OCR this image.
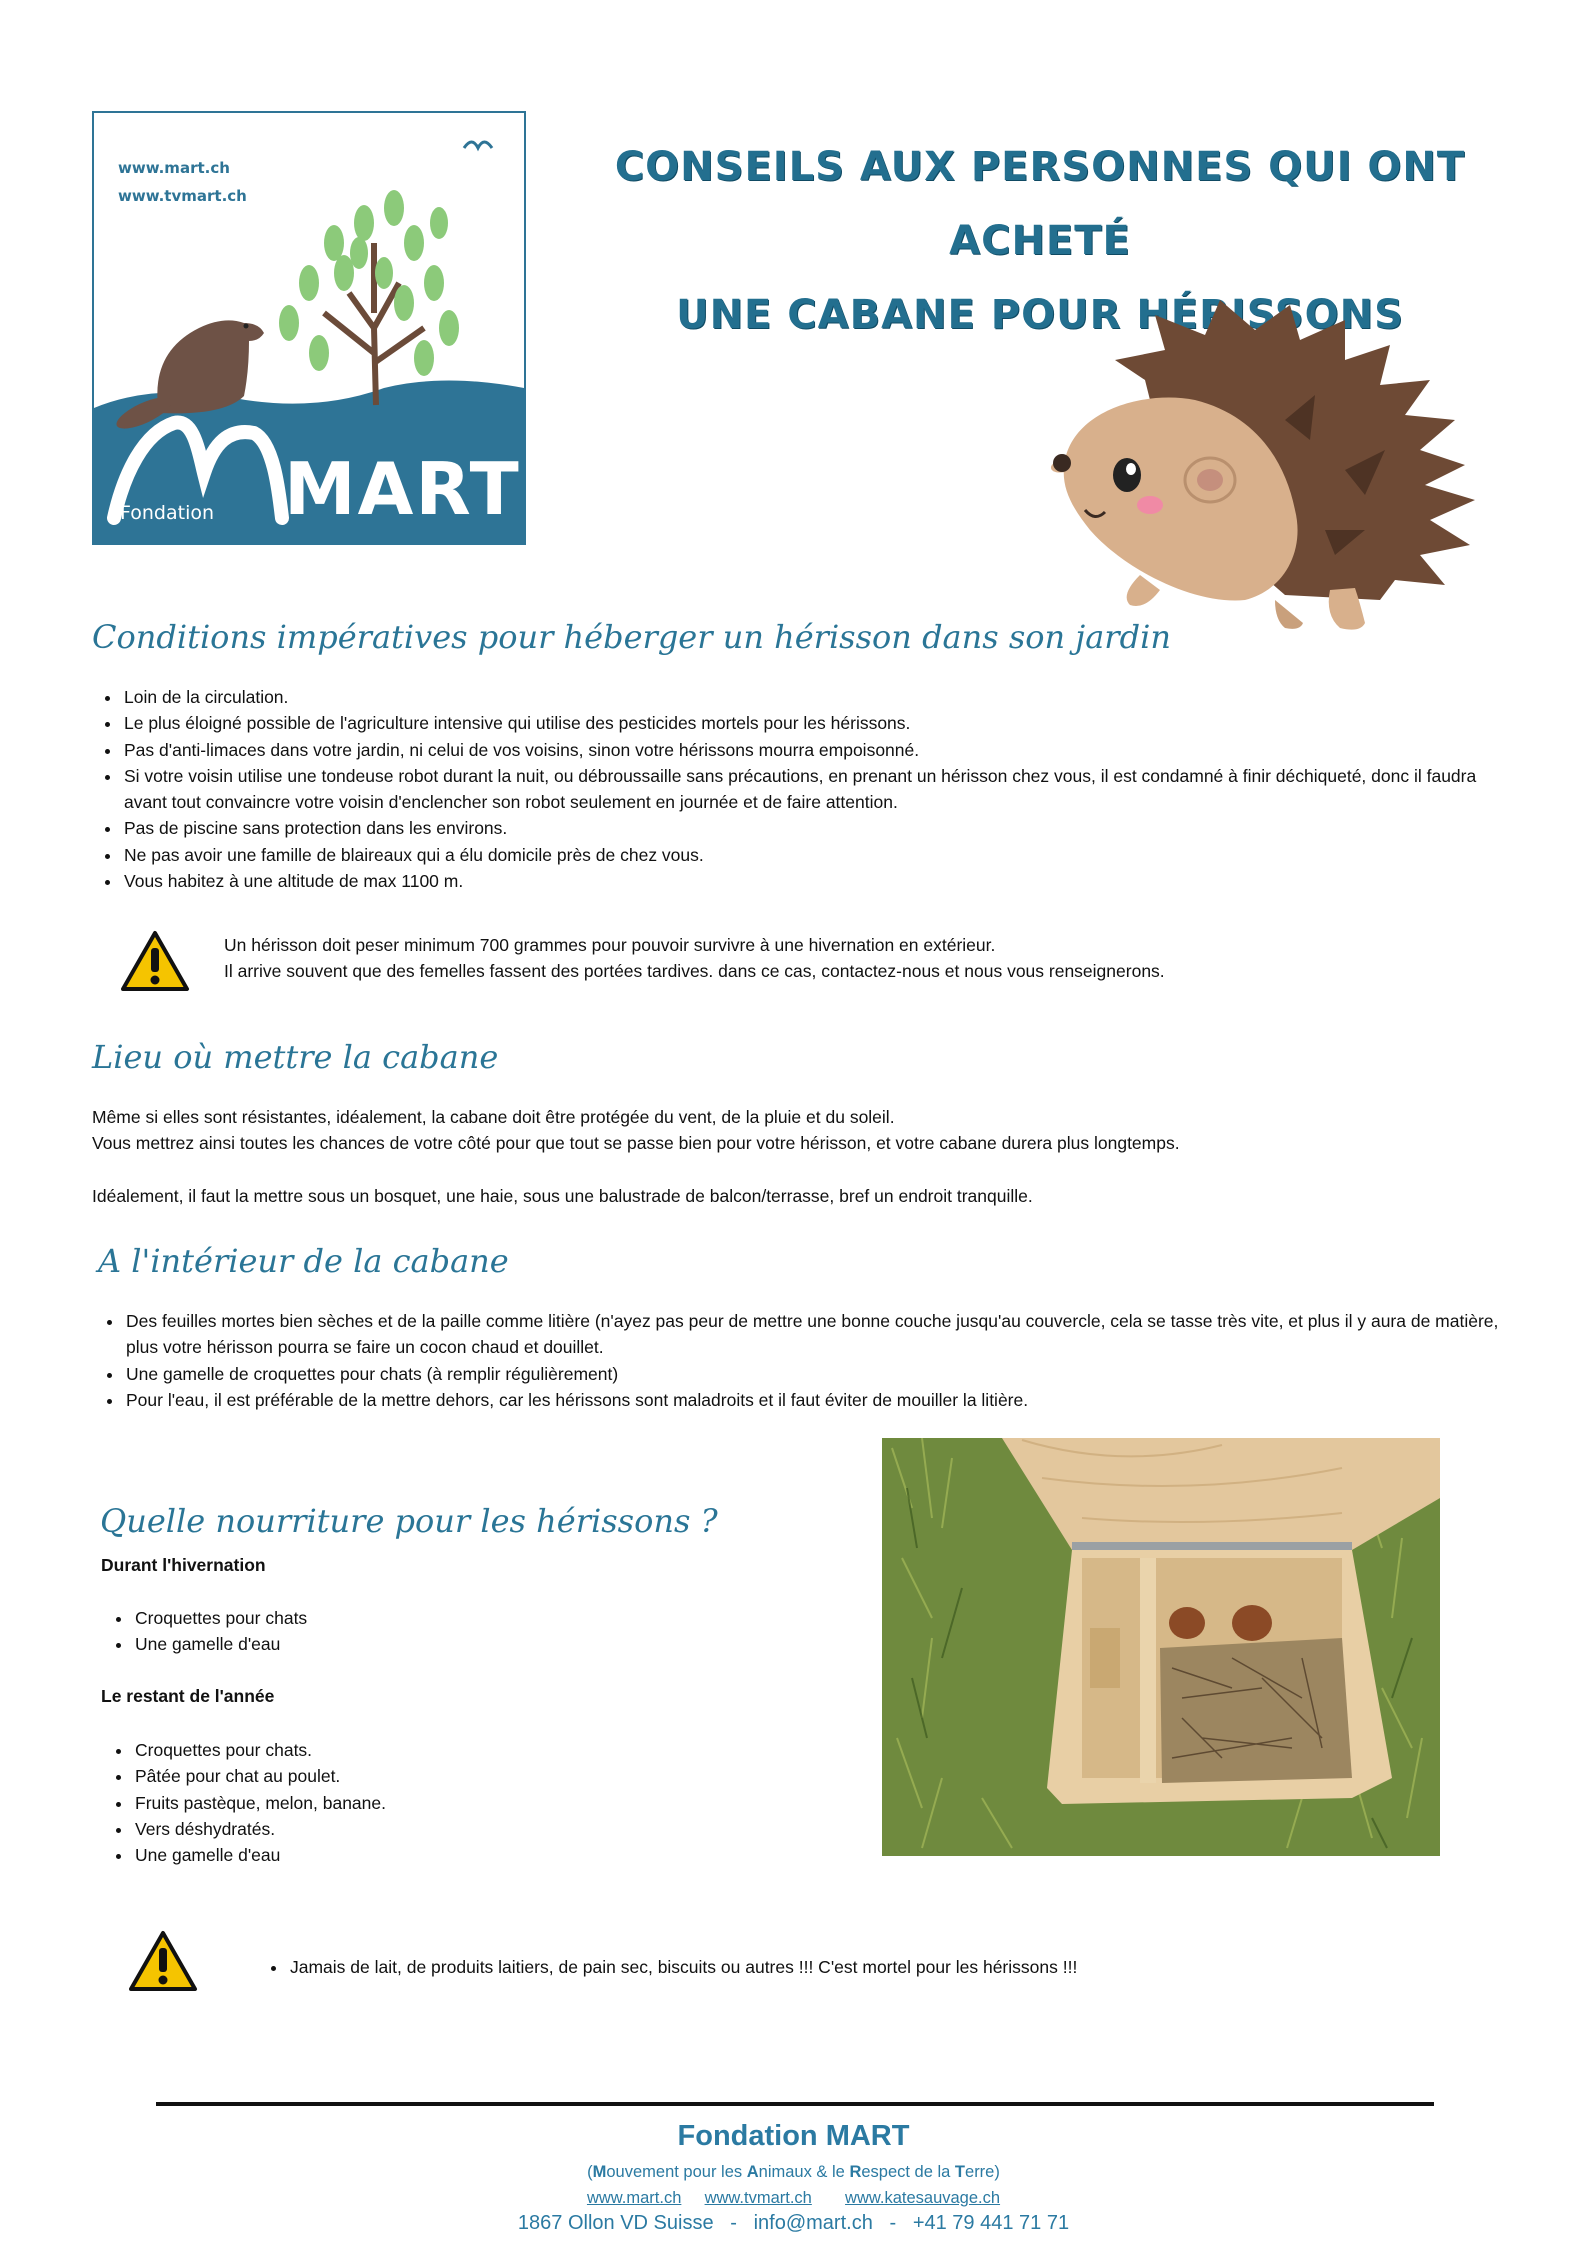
www.mart.ch
www.tvmart.ch
Fondation MART
CONSEILS AUX PERSONNES QUI ONT ACHETÉ
UNE CABANE POUR HÉRISSONS
Conditions impératives pour héberger un hérisson dans son jardin
• Loin de la circulation.
• Le plus éloigné possible de l'agriculture intensive qui utilise des pesticides mortels pour les hérissons.
• Pas d'anti-limaces dans votre jardin, ni celui de vos voisins, sinon votre hérissons mourra empoisonné.
• Si votre voisin utilise une tondeuse robot durant la nuit, ou débroussaille sans précautions, en prenant un hérisson chez vous, il est condamné à finir déchiqueté, donc il faudra avant tout convaincre votre voisin d'enclencher son robot seulement en journée et de faire attention.
• Pas de piscine sans protection dans les environs.
• Ne pas avoir une famille de blaireaux qui a élu domicile près de chez vous.
• Vous habitez à une altitude de max 1100 m.
Un hérisson doit peser minimum 700 grammes pour pouvoir survivre à une hivernation en extérieur.
Il arrive souvent que des femelles fassent des portées tardives. dans ce cas, contactez-nous et nous vous renseignerons.
Lieu où mettre la cabane
Même si elles sont résistantes, idéalement, la cabane doit être protégée du vent, de la pluie et du soleil.
Vous mettrez ainsi toutes les chances de votre côté pour que tout se passe bien pour votre hérisson, et votre cabane durera plus longtemps.
Idéalement, il faut la mettre sous un bosquet, une haie, sous une balustrade de balcon/terrasse, bref un endroit tranquille.
A l'intérieur de la cabane
• Des feuilles mortes bien sèches et de la paille comme litière (n'ayez pas peur de mettre une bonne couche jusqu'au couvercle, cela se tasse très vite, et plus il y aura de matière, plus votre hérisson pourra se faire un cocon chaud et douillet.
• Une gamelle de croquettes pour chats (à remplir régulièrement)
• Pour l'eau, il est préférable de la mettre dehors, car les hérissons sont maladroits et il faut éviter de mouiller la litière.
Quelle nourriture pour les hérissons ?
Durant l'hivernation
• Croquettes pour chats
• Une gamelle d'eau
Le restant de l'année
• Croquettes pour chats.
• Pâtée pour chat au poulet.
• Fruits pastèque, melon, banane.
• Vers déshydratés.
• Une gamelle d'eau
• Jamais de lait, de produits laitiers, de pain sec, biscuits ou autres !!! C'est mortel pour les hérissons !!!
Fondation MART
(Mouvement pour les Animaux & le Respect de la Terre)
www.mart.ch www.tvmart.ch www.katesauvage.ch
1867 Ollon VD Suisse   -   info@mart.ch   -   +41 79 441 71 71
